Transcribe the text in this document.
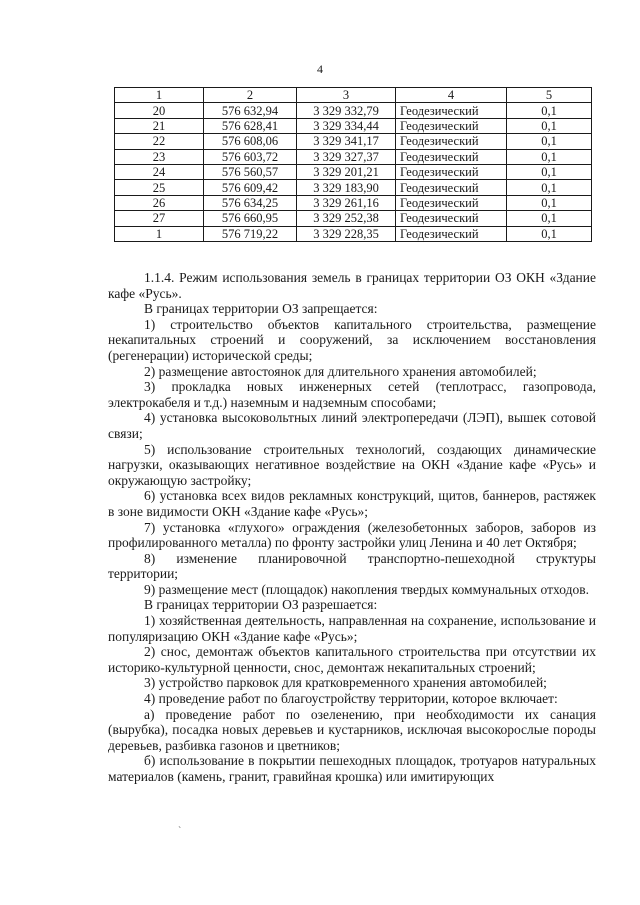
4
1	2	3	4	5
20	576 632,94	3 329 332,79	Геодезический	0,1
21	576 628,41	3 329 334,44	Геодезический	0,1
22	576 608,06	3 329 341,17	Геодезический	0,1
23	576 603,72	3 329 327,37	Геодезический	0,1
24	576 560,57	3 329 201,21	Геодезический	0,1
25	576 609,42	3 329 183,90	Геодезический	0,1
26	576 634,25	3 329 261,16	Геодезический	0,1
27	576 660,95	3 329 252,38	Геодезический	0,1
1	576 719,22	3 329 228,35	Геодезический	0,1

1.1.4. Режим использования земель в границах территории ОЗ ОКН «Здание кафе «Русь».

В границах территории ОЗ запрещается:

1) строительство объектов капитального строительства, размещение некапитальных строений и сооружений, за исключением восстановления (регенерации) исторической среды;

2) размещение автостоянок для длительного хранения автомобилей;

3) прокладка новых инженерных сетей (теплотрасс, газопровода, электрокабеля и т.д.) наземным и надземным способами;

4) установка высоковольтных линий электропередачи (ЛЭП), вышек сотовой связи;

5) использование строительных технологий, создающих динамические нагрузки, оказывающих негативное воздействие на ОКН «Здание кафе «Русь» и окружающую застройку;

6) установка всех видов рекламных конструкций, щитов, баннеров, растяжек в зоне видимости ОКН «Здание кафе «Русь»;

7) установка «глухого» ограждения (железобетонных заборов, заборов из профилированного металла) по фронту застройки улиц Ленина и 40 лет Октября;

8) изменение планировочной транспортно-пешеходной структуры территории;

9) размещение мест (площадок) накопления твердых коммунальных отходов.

В границах территории ОЗ разрешается:

1) хозяйственная деятельность, направленная на сохранение, использование и популяризацию ОКН «Здание кафе «Русь»;

2) снос, демонтаж объектов капитального строительства при отсутствии их историко-культурной ценности, снос, демонтаж некапитальных строений;

3) устройство парковок для кратковременного хранения автомобилей;

4) проведение работ по благоустройству территории, которое включает:

а) проведение работ по озеленению, при необходимости их санация (вырубка), посадка новых деревьев и кустарников, исключая высокорослые породы деревьев, разбивка газонов и цветников;

б) использование в покрытии пешеходных площадок, тротуаров натуральных материалов (камень, гранит, гравийная крошка) или имитирующих

`
